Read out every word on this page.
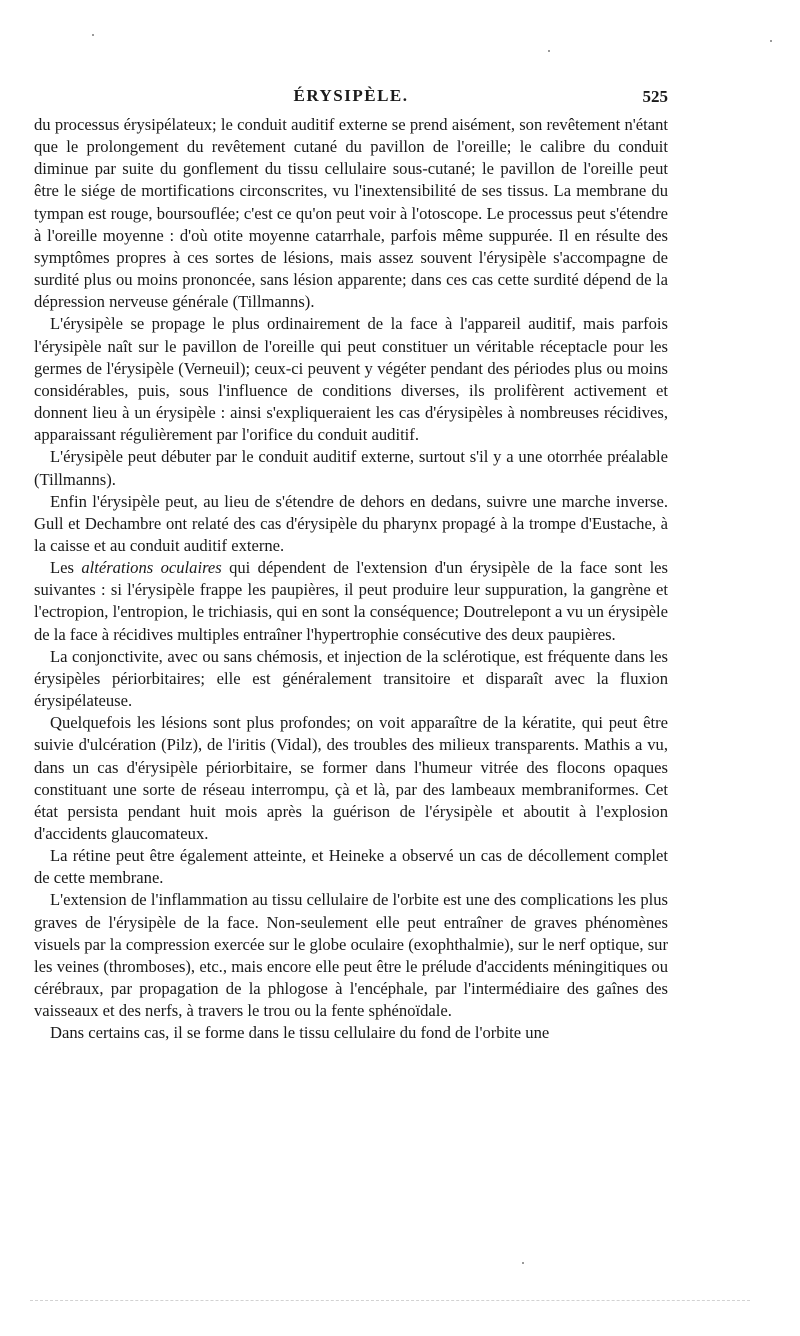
ÉRYSIPÈLE.	525

du processus érysipélateux; le conduit auditif externe se prend aisément, son revêtement n'étant que le prolongement du revêtement cutané du pavillon de l'oreille; le calibre du conduit diminue par suite du gonflement du tissu cellulaire sous-cutané; le pavillon de l'oreille peut être le siége de mortifications circonscrites, vu l'inextensibilité de ses tissus. La membrane du tympan est rouge, boursouflée; c'est ce qu'on peut voir à l'otoscope. Le processus peut s'étendre à l'oreille moyenne : d'où otite moyenne catarrhale, parfois même suppurée. Il en résulte des symptômes propres à ces sortes de lésions, mais assez souvent l'érysipèle s'accompagne de surdité plus ou moins prononcée, sans lésion apparente; dans ces cas cette surdité dépend de la dépression nerveuse générale (Tillmanns).

L'érysipèle se propage le plus ordinairement de la face à l'appareil auditif, mais parfois l'érysipèle naît sur le pavillon de l'oreille qui peut constituer un véritable réceptacle pour les germes de l'érysipèle (Verneuil); ceux-ci peuvent y végéter pendant des périodes plus ou moins considérables, puis, sous l'influence de conditions diverses, ils prolifèrent activement et donnent lieu à un érysipèle : ainsi s'expliqueraient les cas d'érysipèles à nombreuses récidives, apparaissant régulièrement par l'orifice du conduit auditif.

L'érysipèle peut débuter par le conduit auditif externe, surtout s'il y a une otorrhée préalable (Tillmanns).

Enfin l'érysipèle peut, au lieu de s'étendre de dehors en dedans, suivre une marche inverse. Gull et Dechambre ont relaté des cas d'érysipèle du pharynx propagé à la trompe d'Eustache, à la caisse et au conduit auditif externe.

Les altérations oculaires qui dépendent de l'extension d'un érysipèle de la face sont les suivantes : si l'érysipèle frappe les paupières, il peut produire leur suppuration, la gangrène et l'ectropion, l'entropion, le trichiasis, qui en sont la conséquence; Doutrelepont a vu un érysipèle de la face à récidives multiples entraîner l'hypertrophie consécutive des deux paupières.

La conjonctivite, avec ou sans chémosis, et injection de la sclérotique, est fréquente dans les érysipèles périorbitaires; elle est généralement transitoire et disparaît avec la fluxion érysipélateuse.

Quelquefois les lésions sont plus profondes; on voit apparaître de la kératite, qui peut être suivie d'ulcération (Pilz), de l'iritis (Vidal), des troubles des milieux transparents. Mathis a vu, dans un cas d'érysipèle périorbitaire, se former dans l'humeur vitrée des flocons opaques constituant une sorte de réseau interrompu, çà et là, par des lambeaux membraniformes. Cet état persista pendant huit mois après la guérison de l'érysipèle et aboutit à l'explosion d'accidents glaucomateux.

La rétine peut être également atteinte, et Heineke a observé un cas de décollement complet de cette membrane.

L'extension de l'inflammation au tissu cellulaire de l'orbite est une des complications les plus graves de l'érysipèle de la face. Non-seulement elle peut entraîner de graves phénomènes visuels par la compression exercée sur le globe oculaire (exophthalmie), sur le nerf optique, sur les veines (thromboses), etc., mais encore elle peut être le prélude d'accidents méningitiques ou cérébraux, par propagation de la phlogose à l'encéphale, par l'intermédiaire des gaînes des vaisseaux et des nerfs, à travers le trou ou la fente sphénoïdale.

Dans certains cas, il se forme dans le tissu cellulaire du fond de l'orbite une
